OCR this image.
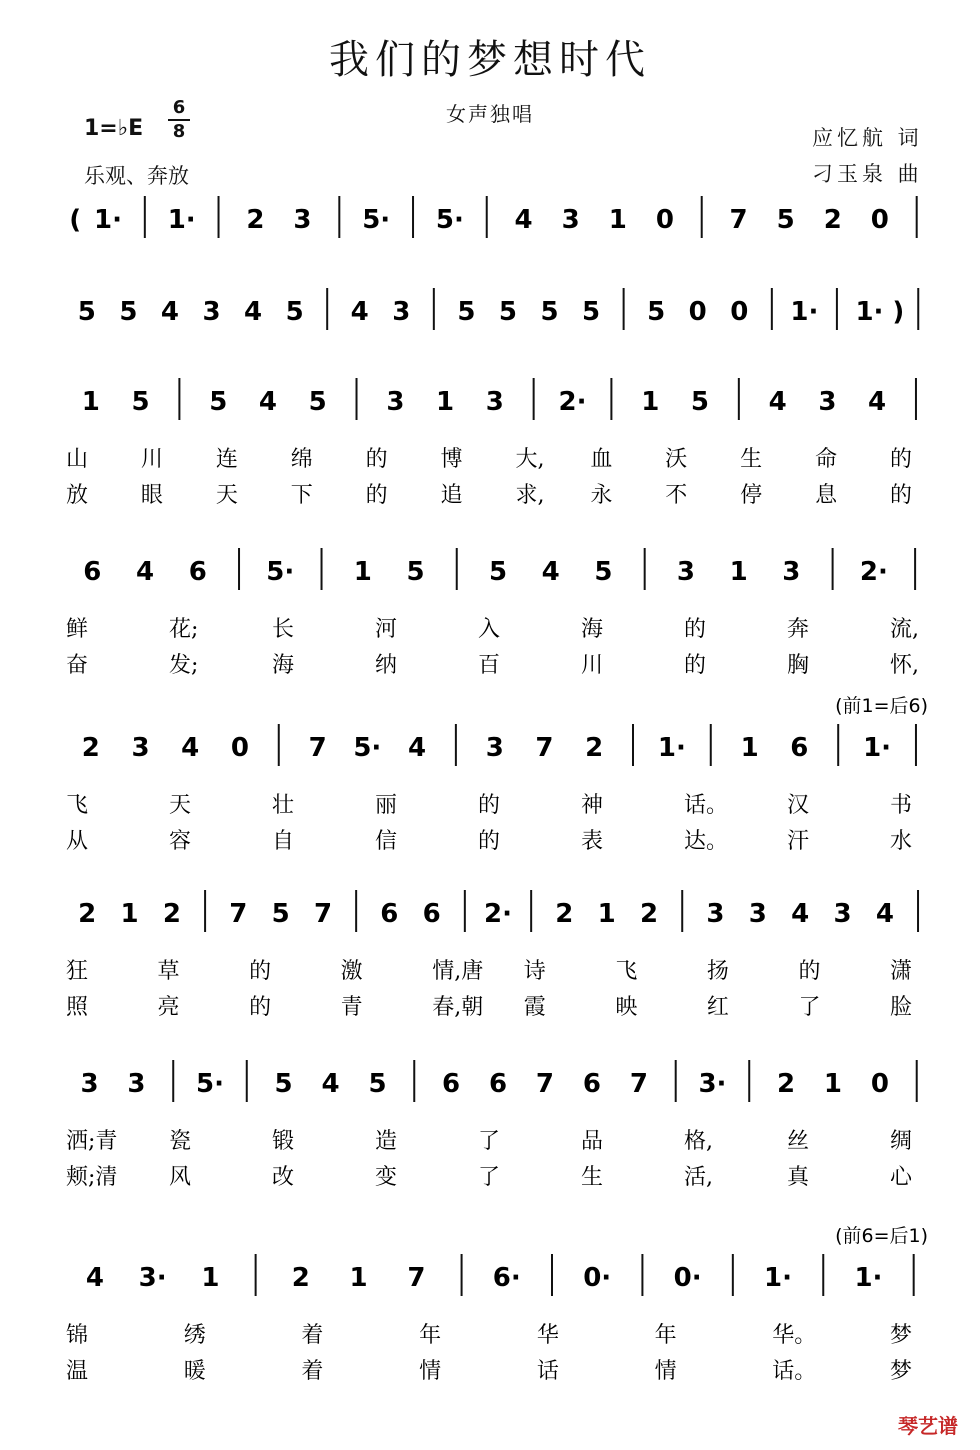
我们的梦想时代
女声独唱
1=♭E
6
8
乐观、奔放
应忆航 词
刁玉泉 曲
( 1· 1· 2 3 5· 5· 4 3 1 0 7 5 2 0
5 5 4 3 4 5 4 3 5 5 5 5 5 0 0 1· 1· )
1 5 5 4 5 3 1 3 2· 1 5 4 3 4
山 川 连 绵 的 博 大, 血 沃 生 命 的
放 眼 天 下 的 追 求, 永 不 停 息 的
6 4 6 5· 1 5 5 4 5 3 1 3 2·
鲜	花;	长	河	入	海	的	奔	流,
奋	发;	海	纳	百	川	的	胸	怀,
2 3 4 0 7 5· 4 3 7 2 1· 1 6 1·
(前1=后6)
飞	天	壮	丽	的	神	话。	汉	书
从	容	自	信	的	表	达。	汗	水
2 1 2 7 5 7 6 6 2· 2 1 2 3 3 4 3 4
狂	草	的	激	情,唐 诗	飞	扬	的	潇
照	亮	的	青	春,朝 霞	映	红	了	脸
3 3 5· 5 4 5 6 6 7 6 7 3· 2 1 0
洒;青 瓷	锻	造	了	品	格,	丝	绸
颊;清 风	改	变	了	生	活,	真	心
4 3· 1	2 1 7	6· 0· 0· 1· 1·
(前6=后1)
锦	绣	着	年	华	年	华。	梦
温	暖	着	情	话	情	话。	梦
琴艺谱
